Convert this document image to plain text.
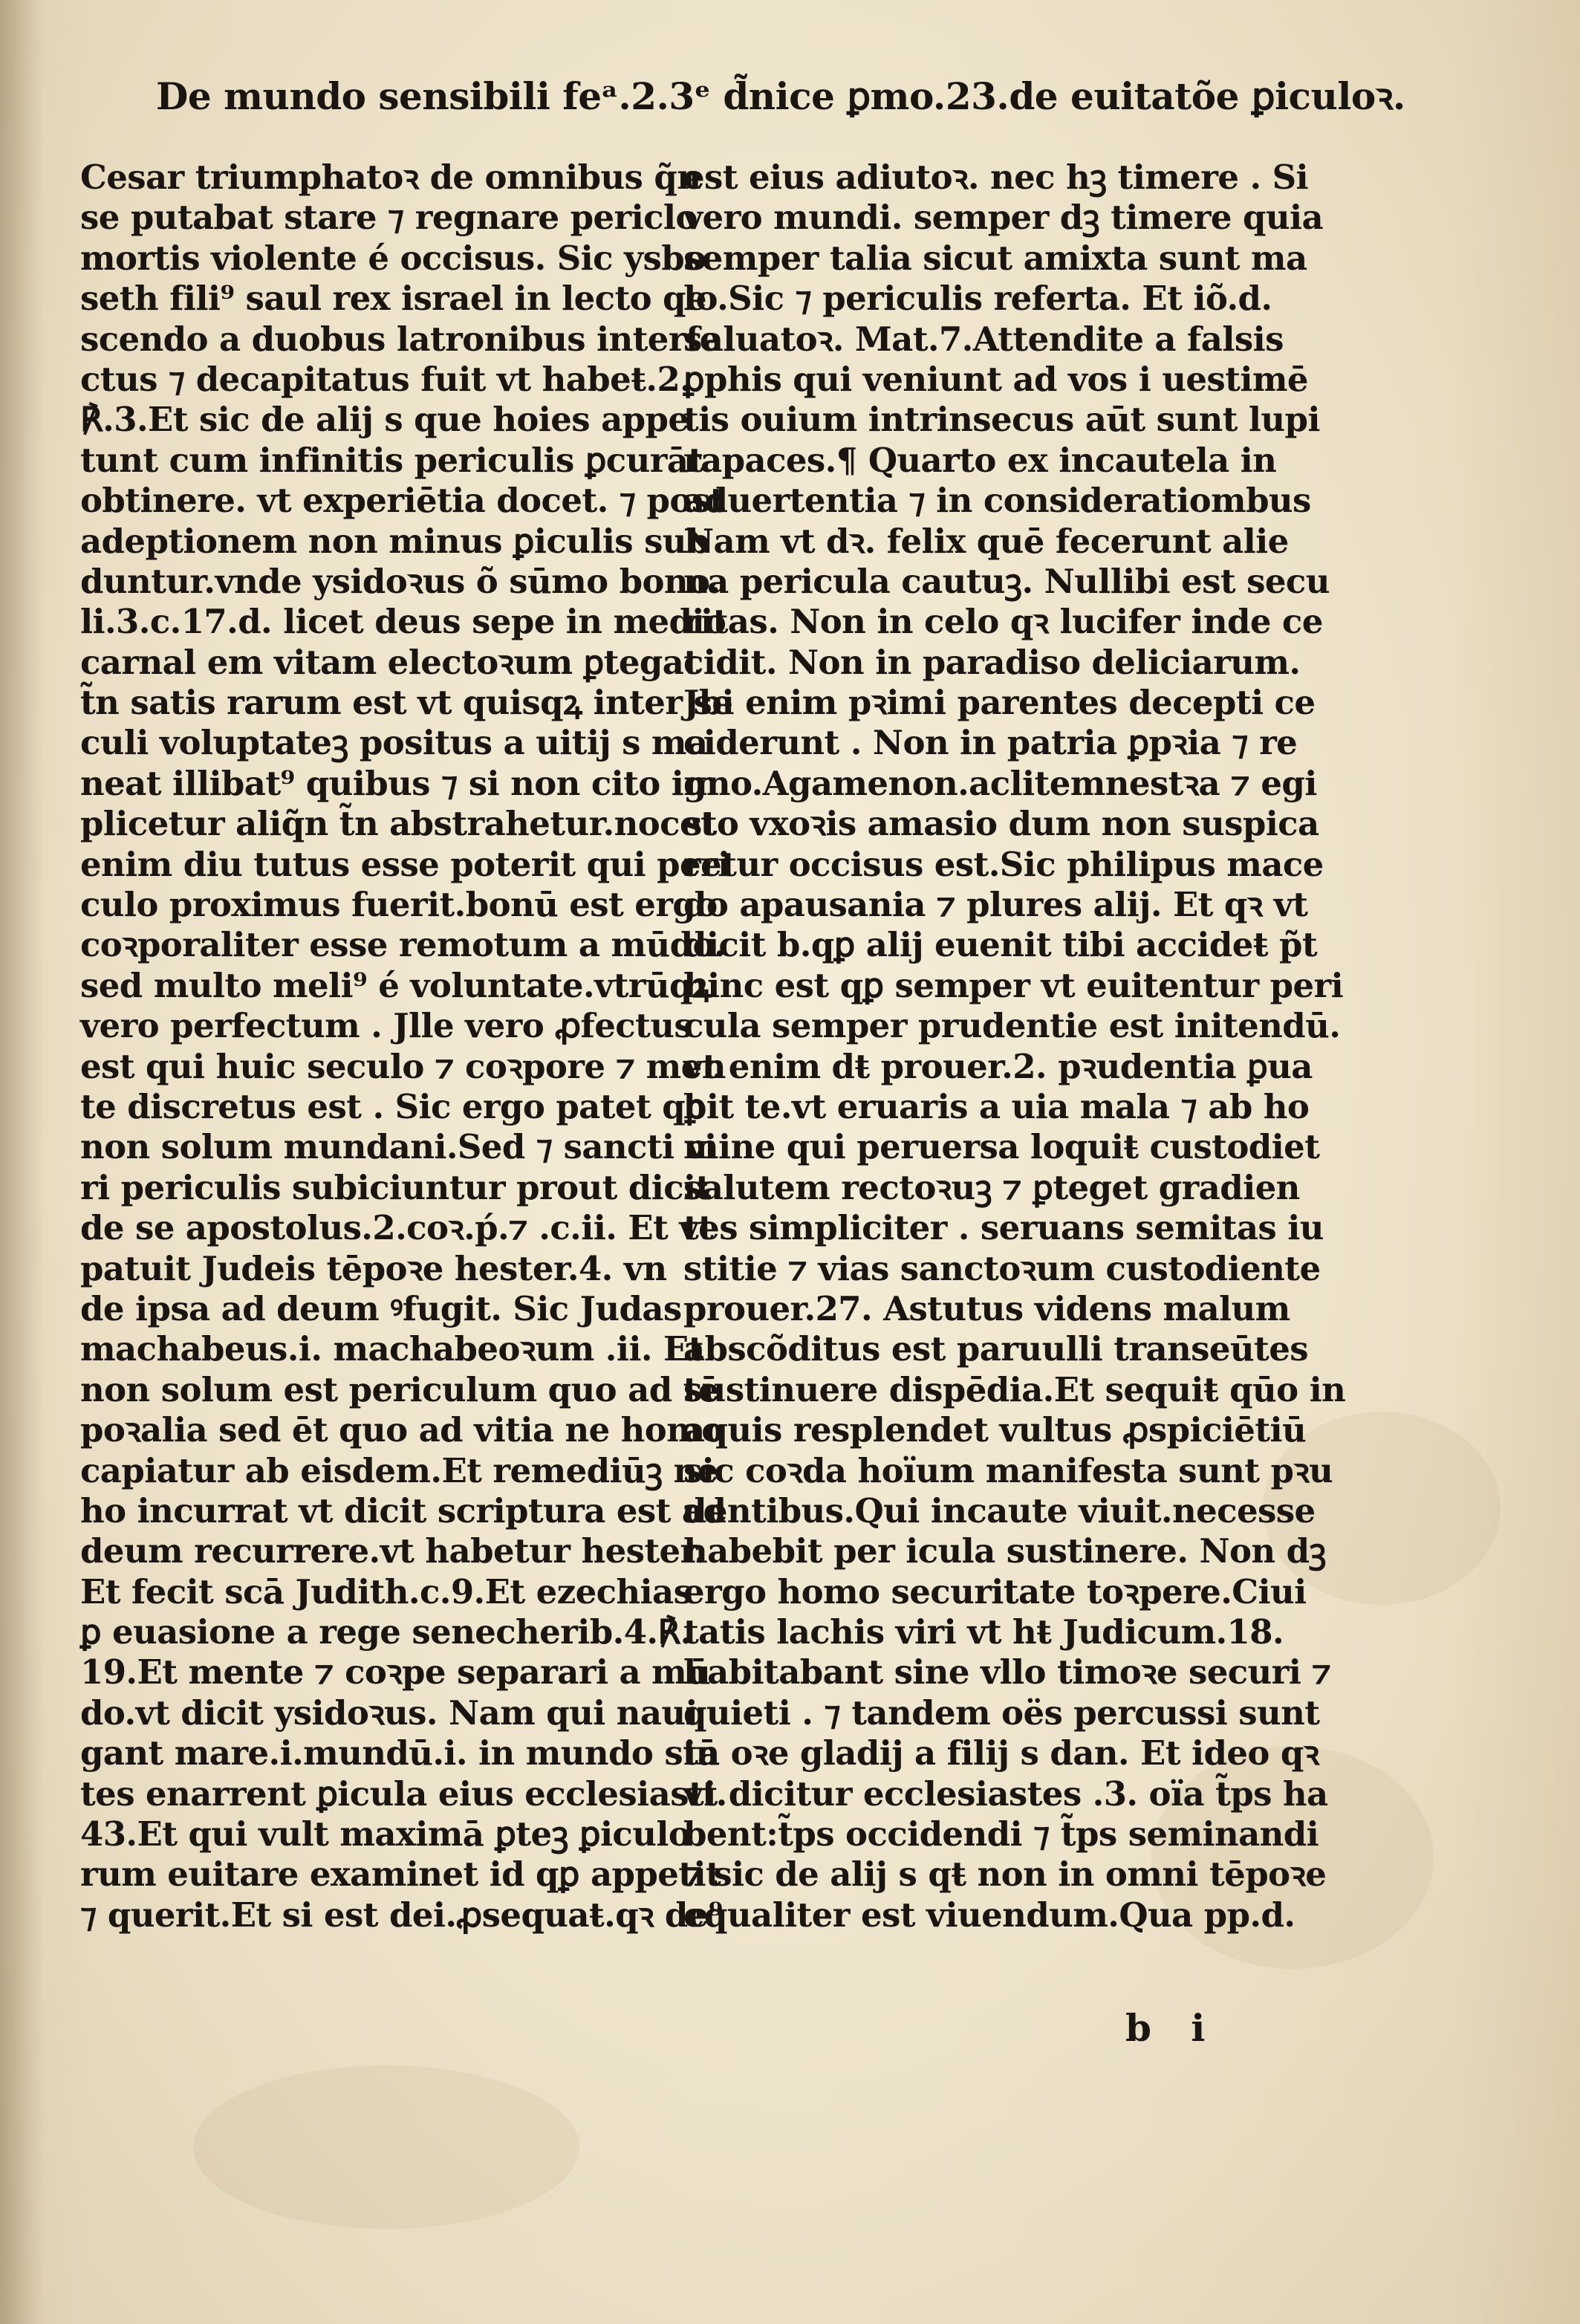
De mundo sensibili feᵃ.2.3ᵉ d̃nice ꝑmo.23.de euitatõe ꝑiculoꝛ.
Cesar triumphatoꝛ de omnibus q̃n
se putabat stare ⁊ regnare periclo
mortis violente é occisus. Sic ysbo
seth fili⁹ saul rex israel in lecto qe
scendo a duobus latronibus interfe
ctus ⁊ decapitatus fuit vt habeŧ.2.
℟.3.Et sic de alij s que hoies appe
tunt cum infinitis periculis ꝑcurāt
obtinere. vt experiētia docet. ⁊ post
adeptionem non minus ꝑiculis sub
duntur.vnde ysidoꝛus õ sūmo bono.
li.3.c.17.d. licet deus sepe in medio
carnal em vitam electoꝛum ꝑtegat
t̃n satis rarum est vt quisqꝝ inter se
culi voluptateꝫ positus a uitij s ma
neat illibat⁹ quibus ⁊ si non cito im
plicetur aliq̃n t̃n abstrahetur.nocet
enim diu tutus esse poterit qui peri
culo proximus fuerit.bonū est ergo
coꝛporaliter esse remotum a mūdo.
sed multo meli⁹ é voluntate.vtrūqꝝ
vero perfectum . Jlle vero ꝓfectus
est qui huic seculo ⁊ coꝛpore ⁊ men
te discretus est . Sic ergo patet qꝑ
non solum mundani.Sed ⁊ sancti vi
ri periculis subiciuntur prout dicit
de se apostolus.2.coꝛ.ṕ.⁊ .c.ii. Et vt
patuit Judeis tēpoꝛe hester.4. vn
de ipsa ad deum ꝰfugit. Sic Judas
machabeus.i. machabeoꝛum .ii. Et
non solum est periculum quo ad tē
poꝛalia sed ēt quo ad vitia ne homo
capiatur ab eisdem.Et remediūꝫ ne
ho incurrat vt dicit scriptura est ad
deum recurrere.vt habetur hester.
Et fecit scā Judith.c.9.Et ezechias
ꝑ euasione a rege senecherib.4.℟.
19.Et mente ⁊ coꝛpe separari a mū
do.vt dicit ysidoꝛus. Nam qui naui
gant mare.i.mundū.i. in mundo stā
tes enarrent ꝑicula eius ecclesiasti.
43.Et qui vult maximā ꝑteꝫ ꝑiculo
rum euitare examinet id qꝑ appetit
⁊ querit.Et si est dei.ꝓsequaŧ.qꝛ de⁹
est eius adiutoꝛ. nec hꝫ timere . Si
vero mundi. semper dꝫ timere quia
semper talia sicut amixta sunt ma
lo.Sic ⁊ periculis referta. Et iõ.d.
saluatoꝛ. Mat.7.Attendite a falsis
ꝑphis qui veniunt ad vos i uestimē
tis ouium intrinsecus aūt sunt lupi
rapaces.¶ Quarto ex incautela in
aduertentia ⁊ in consideratiombus
Nam vt dꝛ. felix quē fecerunt alie
na pericula cautuꝫ. Nullibi est secu
ritas. Non in celo qꝛ lucifer inde ce
cidit. Non in paradiso deliciarum.
Jbi enim pꝛimi parentes decepti ce
ciderunt . Non in patria ꝑpꝛia ⁊ re
gno.Agamenon.aclitemnestꝛa ⁊ egi
sto vxoꝛis amasio dum non suspica
retur occisus est.Sic philipus mace
do apausania ⁊ plures alij. Et qꝛ vt
dicit b.qꝑ alij euenit tibi accideŧ p̃t
hinc est qꝑ semper vt euitentur peri
cula semper prudentie est initendū.
vt enim dŧ prouer.2. pꝛudentia ꝑua
bit te.vt eruaris a uia mala ⁊ ab ho
mine qui peruersa loquiŧ custodiet
salutem rectoꝛuꝫ ⁊ ꝑteget gradien
tes simpliciter . seruans semitas iu
stitie ⁊ vias sanctoꝛum custodiente
prouer.27. Astutus videns malum
abscõditus est paruulli transeūtes
sustinuere dispēdia.Et sequiŧ qūo in
aquis resplendet vultus ꝓspiciētiū
sic coꝛda hoïum manifesta sunt pꝛu
dentibus.Qui incaute viuit.necesse
habebit per icula sustinere. Non dꝫ
ergo homo securitate toꝛpere.Ciui
tatis lachis viri vt hŧ Judicum.18.
habitabant sine vllo timoꝛe securi ⁊
quieti . ⁊ tandem oës percussi sunt
in oꝛe gladij a filij s dan. Et ideo qꝛ
vt dicitur ecclesiastes .3. oïa t̃ps ha
bent:t̃ps occidendi ⁊ t̃ps seminandi
⁊ sic de alij s qŧ non in omni tēpoꝛe
equaliter est viuendum.Qua pp.d.
b i
